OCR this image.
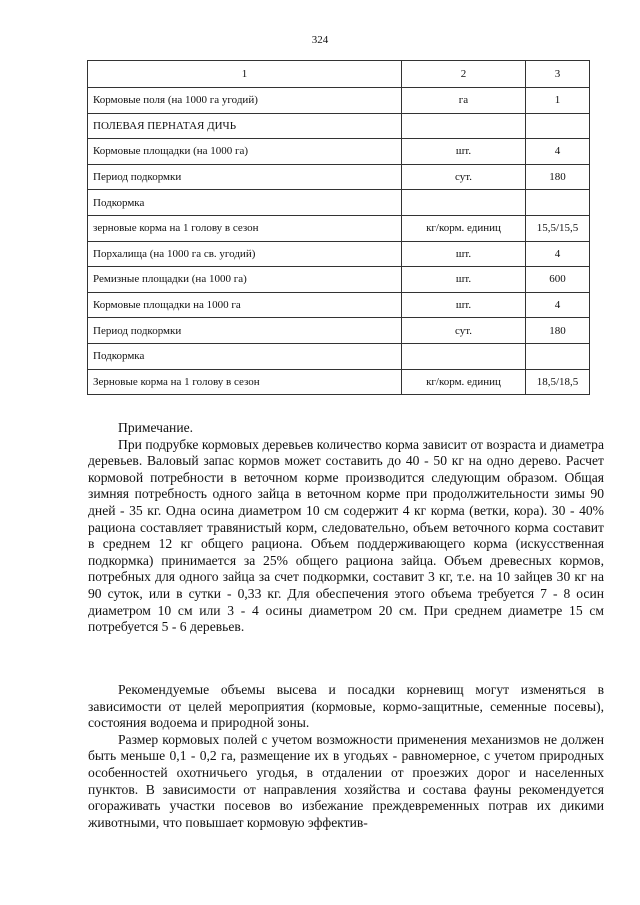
324
1	2	3
Кормовые поля (на 1000 га угодий)	га	1
ПОЛЕВАЯ ПЕРНАТАЯ ДИЧЬ		
Кормовые площадки (на 1000 га)	шт.	4
Период подкормки	сут.	180
Подкормка		
зерновые корма на 1 голову в сезон	кг/корм. единиц	15,5/15,5
Порхалища (на 1000 га св. угодий)	шт.	4
Ремизные площадки (на 1000 га)	шт.	600
Кормовые площадки на 1000 га	шт.	4
Период подкормки	сут.	180
Подкормка		
Зерновые корма на 1 голову в сезон	кг/корм. единиц	18,5/18,5

Примечание.

При подрубке кормовых деревьев количество корма зависит от возраста и диаметра деревьев. Валовый запас кормов может составить до 40 - 50 кг на одно дерево. Расчет кормовой потребности в веточном корме производится следующим образом. Общая зимняя потребность одного зайца в веточном корме при продолжительности зимы 90 дней - 35 кг. Одна осина диаметром 10 см содержит 4 кг корма (ветки, кора). 30 - 40% рациона составляет травянистый корм, следовательно, объем веточного корма составит в среднем 12 кг общего рациона. Объем поддерживающего корма (искусственная подкормка) принимается за 25% общего рациона зайца. Объем древесных кормов, потребных для одного зайца за счет подкормки, составит 3 кг, т.е. на 10 зайцев 30 кг на 90 суток, или в сутки - 0,33 кг. Для обеспечения этого объема требуется 7 - 8 осин диаметром 10 см или 3 - 4 осины диаметром 20 см. При среднем диаметре 15 см потребуется 5 - 6 деревьев.

Рекомендуемые объемы высева и посадки корневищ могут изменяться в зависимости от целей мероприятия (кормовые, кормо-защитные, семенные посевы), состояния водоема и природной зоны.

Размер кормовых полей с учетом возможности применения механизмов не должен быть меньше 0,1 - 0,2 га, размещение их в угодьях - равномерное, с учетом природных особенностей охотничьего угодья, в отдалении от проезжих дорог и населенных пунктов. В зависимости от направления хозяйства и состава фауны рекомендуется огораживать участки посевов во избежание преждевременных потрав их дикими животными, что повышает кормовую эффектив-
